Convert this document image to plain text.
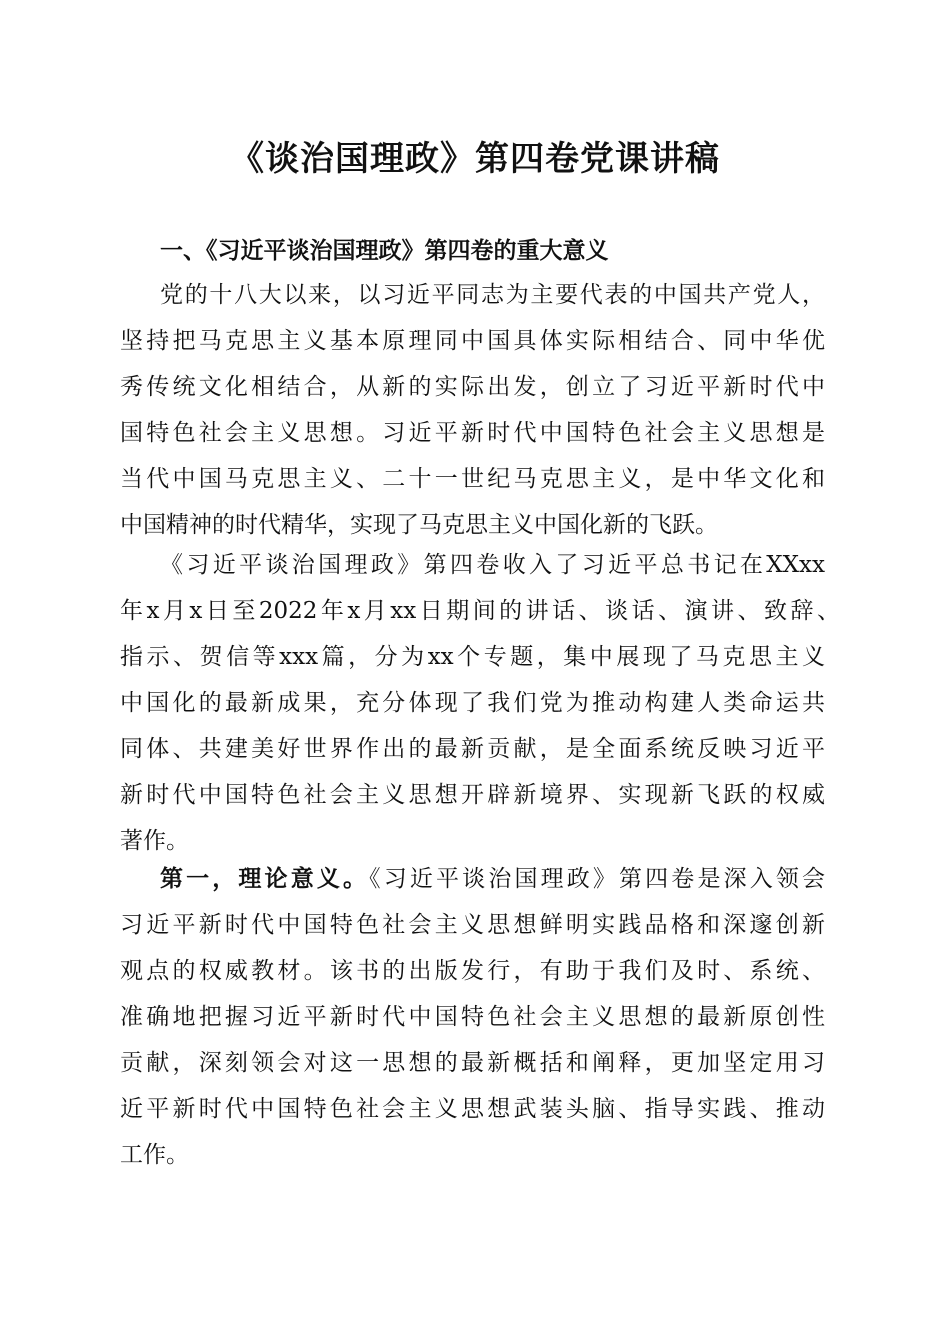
《谈治国理政》第四卷党课讲稿
一、《习近平谈治国理政》第四卷的重大意义
党的十八大以来，以习近平同志为主要代表的中国共产党人，
坚持把马克思主义基本原理同中国具体实际相结合、同中华优
秀传统文化相结合，从新的实际出发，创立了习近平新时代中
国特色社会主义思想。习近平新时代中国特色社会主义思想是
当代中国马克思主义、二十一世纪马克思主义，是中华文化和
中国精神的时代精华，实现了马克思主义中国化新的飞跃。
《习近平谈治国理政》第四卷收入了习近平总书记在XXxx
年x月x日至2022年x月xx日期间的讲话、谈话、演讲、致辞、
指示、贺信等xxx篇，分为xx个专题，集中展现了马克思主义
中国化的最新成果，充分体现了我们党为推动构建人类命运共
同体、共建美好世界作出的最新贡献，是全面系统反映习近平
新时代中国特色社会主义思想开辟新境界、实现新飞跃的权威
著作。
第一，理论意义。《习近平谈治国理政》第四卷是深入领会
习近平新时代中国特色社会主义思想鲜明实践品格和深邃创新
观点的权威教材。该书的出版发行，有助于我们及时、系统、
准确地把握习近平新时代中国特色社会主义思想的最新原创性
贡献，深刻领会对这一思想的最新概括和阐释，更加坚定用习
近平新时代中国特色社会主义思想武装头脑、指导实践、推动
工作。
